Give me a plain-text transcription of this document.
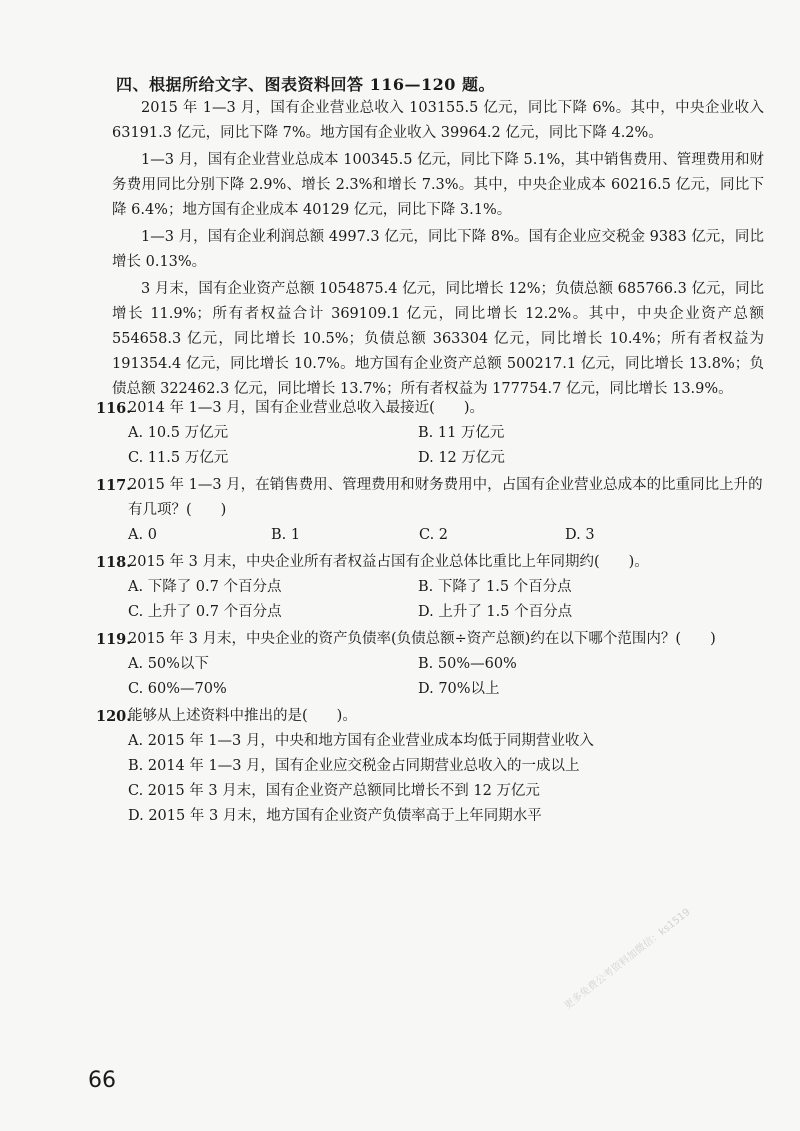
四、根据所给文字、图表资料回答 116—120 题。

2015 年 1—3 月，国有企业营业总收入 103155.5 亿元，同比下降 6%。其中，中央企业收入 63191.3 亿元，同比下降 7%。地方国有企业收入 39964.2 亿元，同比下降 4.2%。

1—3 月，国有企业营业总成本 100345.5 亿元，同比下降 5.1%，其中销售费用、管理费用和财务费用同比分别下降 2.9%、增长 2.3%和增长 7.3%。其中，中央企业成本 60216.5 亿元，同比下降 6.4%；地方国有企业成本 40129 亿元，同比下降 3.1%。

1—3 月，国有企业利润总额 4997.3 亿元，同比下降 8%。国有企业应交税金 9383 亿元，同比增长 0.13%。

3 月末，国有企业资产总额 1054875.4 亿元，同比增长 12%；负债总额 685766.3 亿元，同比增长 11.9%；所有者权益合计 369109.1 亿元，同比增长 12.2%。其中，中央企业资产总额 554658.3 亿元，同比增长 10.5%；负债总额 363304 亿元，同比增长 10.4%；所有者权益为 191354.4 亿元，同比增长 10.7%。地方国有企业资产总额 500217.1 亿元，同比增长 13.8%；负债总额 322462.3 亿元，同比增长 13.7%；所有者权益为 177754.7 亿元，同比增长 13.9%。

116.
2014 年 1—3 月，国有企业营业总收入最接近(　　)。
A. 10.5 万亿元	B. 11 万亿元
C. 11.5 万亿元	D. 12 万亿元
117.
2015 年 1—3 月，在销售费用、管理费用和财务费用中，占国有企业营业总成本的比重同比上升的有几项？(　　)
A. 0	B. 1	C. 2	D. 3
118.
2015 年 3 月末，中央企业所有者权益占国有企业总体比重比上年同期约(　　)。
A. 下降了 0.7 个百分点	B. 下降了 1.5 个百分点
C. 上升了 0.7 个百分点	D. 上升了 1.5 个百分点
119.
2015 年 3 月末，中央企业的资产负债率(负债总额÷资产总额)约在以下哪个范围内？(　　)
A. 50%以下	B. 50%—60%
C. 60%—70%	D. 70%以上
120.
能够从上述资料中推出的是(　　)。
A. 2015 年 1—3 月，中央和地方国有企业营业成本均低于同期营业收入
B. 2014 年 1—3 月，国有企业应交税金占同期营业总收入的一成以上
C. 2015 年 3 月末，国有企业资产总额同比增长不到 12 万亿元
D. 2015 年 3 月末，地方国有企业资产负债率高于上年同期水平
更多免费公考资料加微信：ks1519
66
